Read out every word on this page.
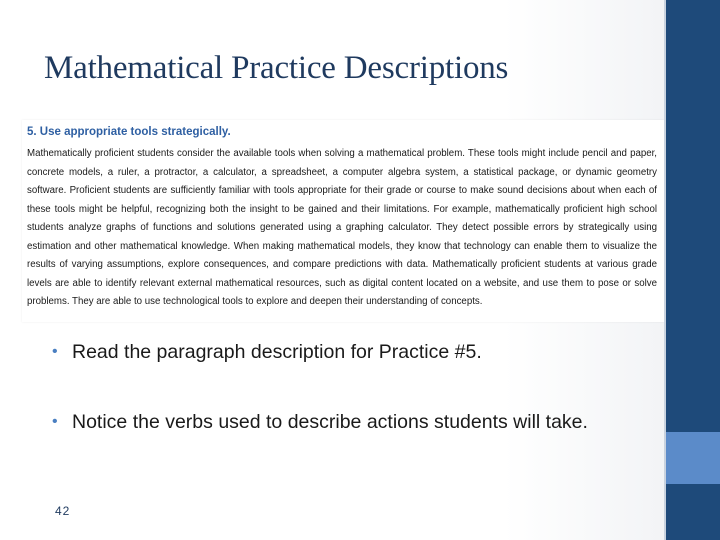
Mathematical Practice Descriptions
5. Use appropriate tools strategically.

Mathematically proficient students consider the available tools when solving a mathematical problem. These tools might include pencil and paper, concrete models, a ruler, a protractor, a calculator, a spreadsheet, a computer algebra system, a statistical package, or dynamic geometry software. Proficient students are sufficiently familiar with tools appropriate for their grade or course to make sound decisions about when each of these tools might be helpful, recognizing both the insight to be gained and their limitations. For example, mathematically proficient high school students analyze graphs of functions and solutions generated using a graphing calculator. They detect possible errors by strategically using estimation and other mathematical knowledge. When making mathematical models, they know that technology can enable them to visualize the results of varying assumptions, explore consequences, and compare predictions with data. Mathematically proficient students at various grade levels are able to identify relevant external mathematical resources, such as digital content located on a website, and use them to pose or solve problems. They are able to use technological tools to explore and deepen their understanding of concepts.

• Read the paragraph description for Practice #5.
• Notice the verbs used to describe actions students will take.
42
